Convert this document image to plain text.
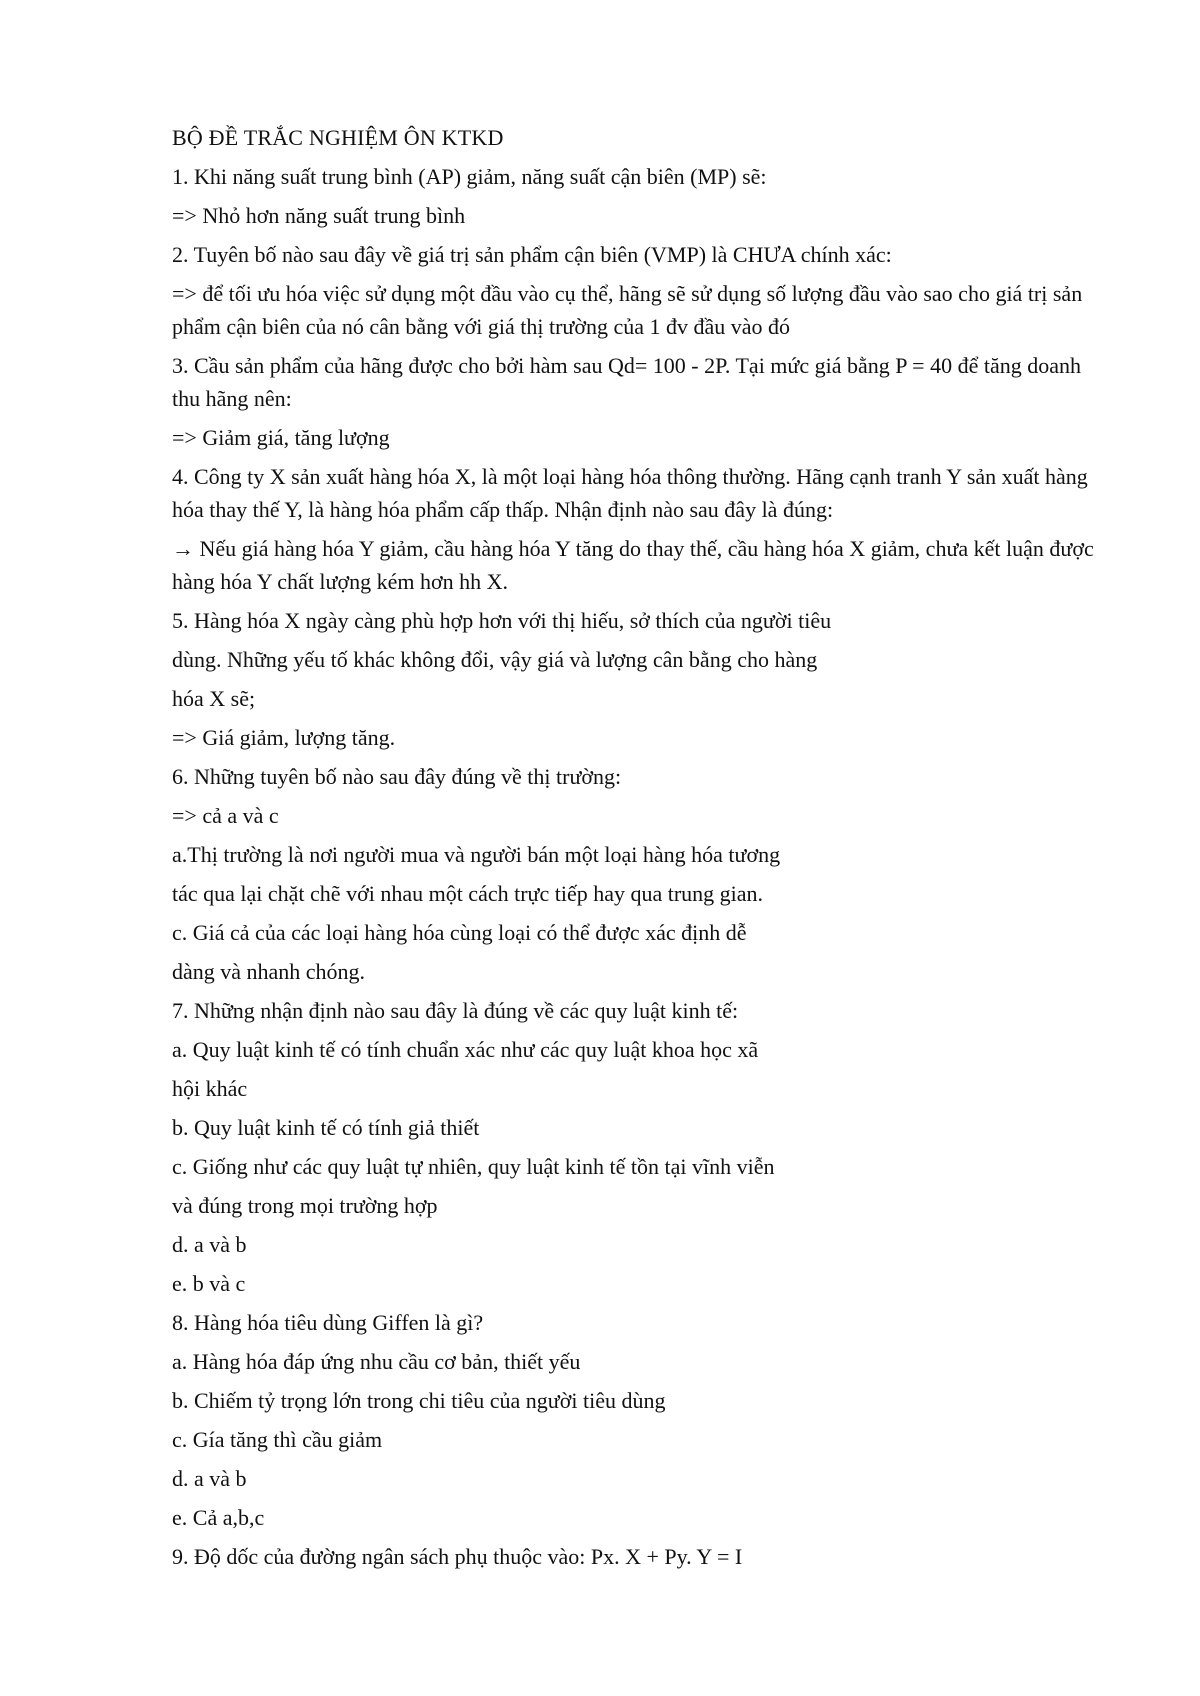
BỘ ĐỀ TRẮC NGHIỆM ÔN KTKD
1. Khi năng suất trung bình (AP) giảm, năng suất cận biên (MP) sẽ:
=> Nhỏ hơn năng suất trung bình
2. Tuyên bố nào sau đây về giá trị sản phẩm cận biên (VMP) là CHƯA chính xác:
=> để tối ưu hóa việc sử dụng một đầu vào cụ thể, hãng sẽ sử dụng số lượng đầu vào sao cho giá trị sản phẩm cận biên của nó cân bằng với giá thị trường của 1 đv đầu vào đó
3. Cầu sản phẩm của hãng được cho bởi hàm sau Qd= 100 - 2P. Tại mức giá bằng P = 40 để tăng doanh thu hãng nên:
=> Giảm giá, tăng lượng
4. Công ty X sản xuất hàng hóa X, là một loại hàng hóa thông thường. Hãng cạnh tranh Y sản xuất hàng hóa thay thế Y, là hàng hóa phẩm cấp thấp. Nhận định nào sau đây là đúng:
→ Nếu giá hàng hóa Y giảm, cầu hàng hóa Y tăng do thay thế, cầu hàng hóa X giảm, chưa kết luận được hàng hóa Y chất lượng kém hơn hh X.
5. Hàng hóa X ngày càng phù hợp hơn với thị hiếu, sở thích của người tiêu
dùng. Những yếu tố khác không đổi, vậy giá và lượng cân bằng cho hàng
hóa X sẽ;
=> Giá giảm, lượng tăng.
6. Những tuyên bố nào sau đây đúng về thị trường:
=> cả a và c
a.Thị trường là nơi người mua và người bán một loại hàng hóa tương
tác qua lại chặt chẽ với nhau một cách trực tiếp hay qua trung gian.
c. Giá cả của các loại hàng hóa cùng loại có thể được xác định dễ
dàng và nhanh chóng.
7. Những nhận định nào sau đây là đúng về các quy luật kinh tế:
a. Quy luật kinh tế có tính chuẩn xác như các quy luật khoa học xã
hội khác
b. Quy luật kinh tế có tính giả thiết
c. Giống như các quy luật tự nhiên, quy luật kinh tế tồn tại vĩnh viễn
và đúng trong mọi trường hợp
d. a và b
e. b và c
8. Hàng hóa tiêu dùng Giffen là gì?
a. Hàng hóa đáp ứng nhu cầu cơ bản, thiết yếu
b. Chiếm tỷ trọng lớn trong chi tiêu của người tiêu dùng
c. Gía tăng thì cầu giảm
d. a và b
e. Cả a,b,c
9. Độ dốc của đường ngân sách phụ thuộc vào: Px. X + Py. Y = I
